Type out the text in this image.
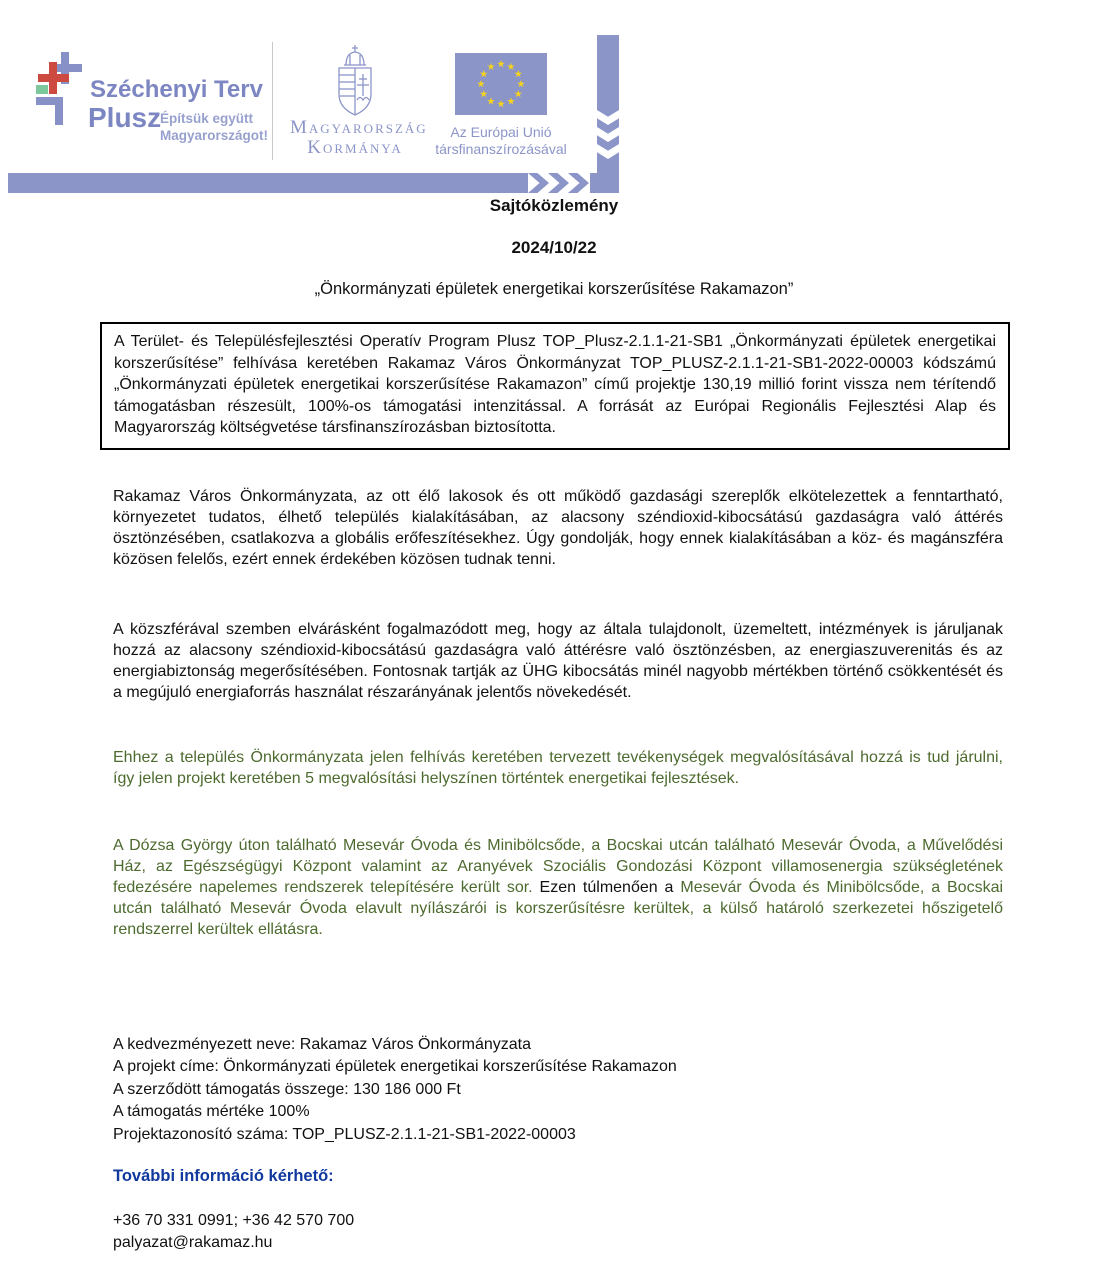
Széchenyi Terv
Plusz
Építsük együtt
Magyarországot! Magyarország
Kormánya
Az Európai Unió
társfinanszírozásával
Sajtóközlemény
2024/10/22
„Önkormányzati épületek energetikai korszerűsítése Rakamazon”
A Terület- és Településfejlesztési Operatív Program Plusz TOP_Plusz-2.1.1-21-SB1 „Önkormányzati épületek energetikai korszerűsítése” felhívása keretében Rakamaz Város Önkormányzat TOP_PLUSZ-2.1.1-21-SB1-2022-00003 kódszámú „Önkormányzati épületek energetikai korszerűsítése Rakamazon” című projektje 130,19 millió forint vissza nem térítendő támogatásban részesült, 100%-os támogatási intenzitással. A forrását az Európai Regionális Fejlesztési Alap és Magyarország költségvetése társfinanszírozásban biztosította.
Rakamaz Város Önkormányzata, az ott élő lakosok és ott működő gazdasági szereplők elkötelezettek a fenntartható, környezetet tudatos, élhető település kialakításában, az alacsony széndioxid-kibocsátású gazdaságra való áttérés ösztönzésében, csatlakozva a globális erőfeszítésekhez. Úgy gondolják, hogy ennek kialakításában a köz- és magánszféra közösen felelős, ezért ennek érdekében közösen tudnak tenni.
A közszférával szemben elvárásként fogalmazódott meg, hogy az általa tulajdonolt, üzemeltett, intézmények is járuljanak hozzá az alacsony széndioxid-kibocsátású gazdaságra való áttérésre való ösztönzésben, az energiaszuverenitás és az energiabiztonság megerősítésében. Fontosnak tartják az ÜHG kibocsátás minél nagyobb mértékben történő csökkentését és a megújuló energiaforrás használat részarányának jelentős növekedését.
Ehhez a település Önkormányzata jelen felhívás keretében tervezett tevékenységek megvalósításával hozzá is tud járulni, így jelen projekt keretében 5 megvalósítási helyszínen történtek energetikai fejlesztések.
A Dózsa György úton található Mesevár Óvoda és Minibölcsőde, a Bocskai utcán található Mesevár Óvoda, a Művelődési Ház, az Egészségügyi Központ valamint az Aranyévek Szociális Gondozási Központ villamosenergia szükségletének fedezésére napelemes rendszerek telepítésére került sor. Ezen túlmenően a Mesevár Óvoda és Minibölcsőde, a Bocskai utcán található Mesevár Óvoda elavult nyílászárói is korszerűsítésre kerültek, a külső határoló szerkezetei hőszigetelő rendszerrel kerültek ellátásra.
A kedvezményezett neve: Rakamaz Város Önkormányzata
A projekt címe: Önkormányzati épületek energetikai korszerűsítése Rakamazon
A szerződött támogatás összege: 130 186 000 Ft
A támogatás mértéke 100%
Projektazonosító száma: TOP_PLUSZ-2.1.1-21-SB1-2022-00003
További információ kérhető:
+36 70 331 0991; +36 42 570 700
palyazat@rakamaz.hu
